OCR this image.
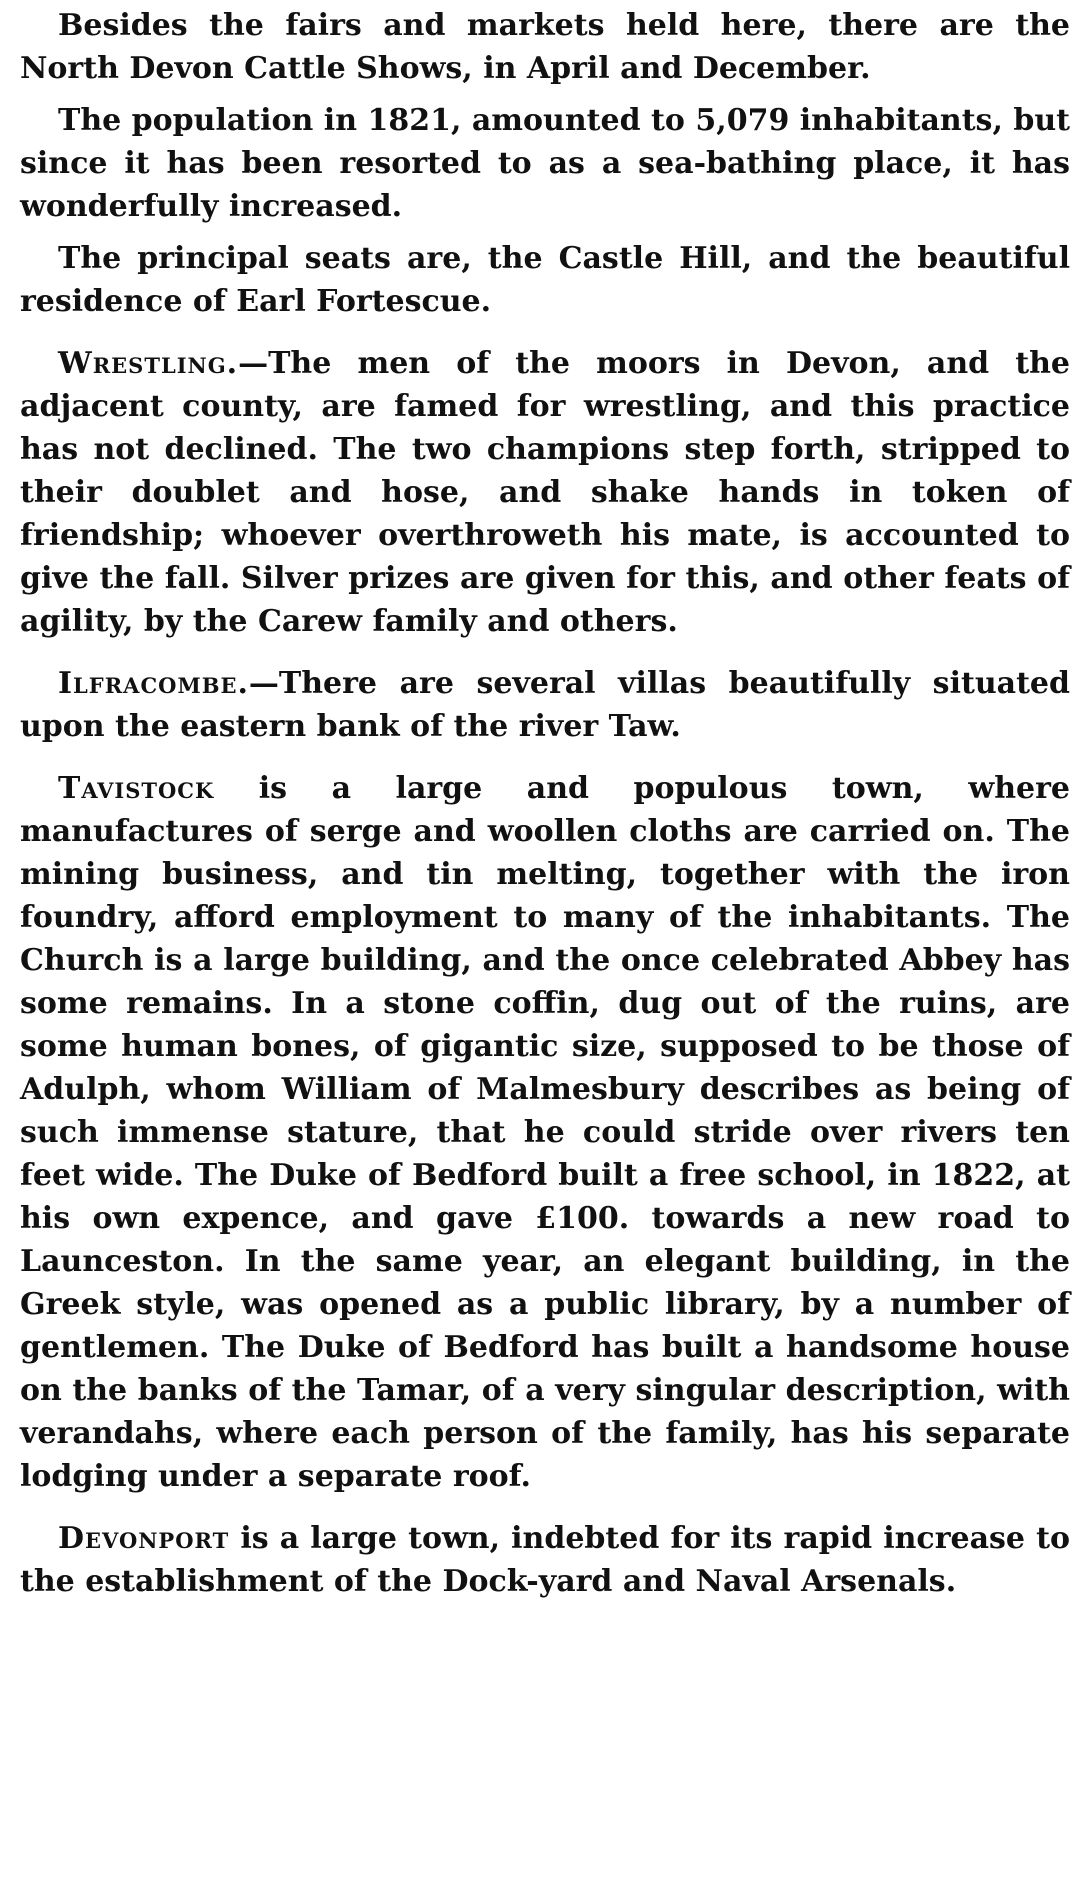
Besides the fairs and markets held here, there are the North Devon Cattle Shows, in April and December.

The population in 1821, amounted to 5,079 inhabitants, but since it has been resorted to as a sea-bathing place, it has wonderfully increased.

The principal seats are, the Castle Hill, and the beautiful residence of Earl Fortescue.

Wrestling.—The men of the moors in Devon, and the adjacent county, are famed for wrestling, and this practice has not declined. The two champions step forth, stripped to their doublet and hose, and shake hands in token of friendship; whoever overthroweth his mate, is accounted to give the fall. Silver prizes are given for this, and other feats of agility, by the Carew family and others.

Ilfracombe.—There are several villas beautifully situated upon the eastern bank of the river Taw.

Tavistock is a large and populous town, where manufactures of serge and woollen cloths are carried on. The mining business, and tin melting, together with the iron foundry, afford employment to many of the inhabitants. The Church is a large building, and the once celebrated Abbey has some remains. In a stone coffin, dug out of the ruins, are some human bones, of gigantic size, supposed to be those of Adulph, whom William of Malmesbury describes as being of such immense stature, that he could stride over rivers ten feet wide. The Duke of Bedford built a free school, in 1822, at his own expence, and gave £100. towards a new road to Launceston. In the same year, an elegant building, in the Greek style, was opened as a public library, by a number of gentlemen. The Duke of Bedford has built a handsome house on the banks of the Tamar, of a very singular description, with verandahs, where each person of the family, has his separate lodging under a separate roof.

Devonport is a large town, indebted for its rapid increase to the establishment of the Dock-yard and Naval Arsenals.
